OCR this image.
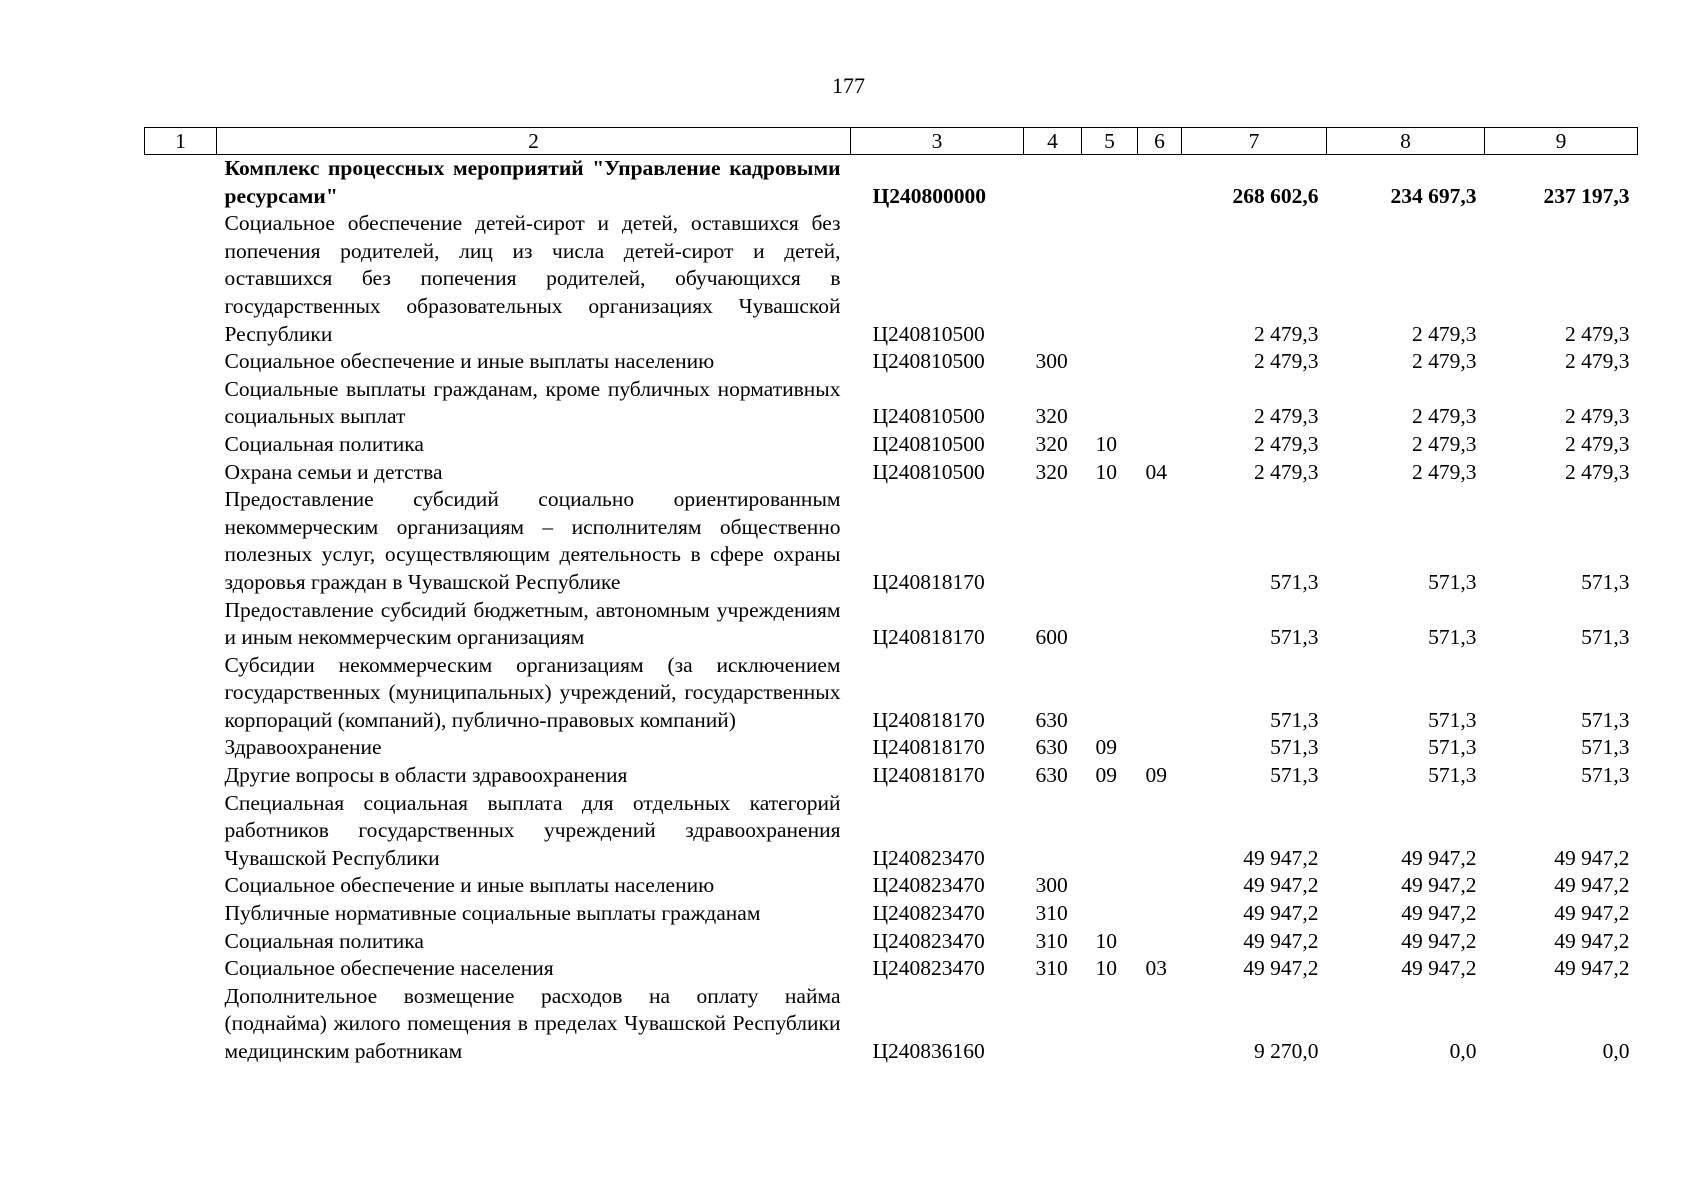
177
1	2	3	4	5	6	7	8	9
	Комплекс процессных мероприятий "Управление кадровыми ресурсами"	Ц240800000				268 602,6	234 697,3	237 197,3
	Социальное обеспечение детей-сирот и детей, оставшихся без попечения родителей, лиц из числа детей-сирот и детей, оставшихся без попечения родителей, обучающихся в государственных образовательных организациях Чувашской Республики	Ц240810500				2 479,3	2 479,3	2 479,3
	Социальное обеспечение и иные выплаты населению	Ц240810500	300			2 479,3	2 479,3	2 479,3
	Социальные выплаты гражданам, кроме публичных нормативных социальных выплат	Ц240810500	320			2 479,3	2 479,3	2 479,3
	Социальная политика	Ц240810500	320	10		2 479,3	2 479,3	2 479,3
	Охрана семьи и детства	Ц240810500	320	10	04	2 479,3	2 479,3	2 479,3
	Предоставление субсидий социально ориентированным некоммерческим организациям – исполнителям общественно полезных услуг, осуществляющим деятельность в сфере охраны здоровья граждан в Чувашской Республике	Ц240818170				571,3	571,3	571,3
	Предоставление субсидий бюджетным, автономным учреждениям и иным некоммерческим организациям	Ц240818170	600			571,3	571,3	571,3
	Субсидии некоммерческим организациям (за исключением государственных (муниципальных) учреждений, государственных корпораций (компаний), публично-правовых компаний)	Ц240818170	630			571,3	571,3	571,3
	Здравоохранение	Ц240818170	630	09		571,3	571,3	571,3
	Другие вопросы в области здравоохранения	Ц240818170	630	09	09	571,3	571,3	571,3
	Специальная социальная выплата для отдельных категорий работников государственных учреждений здравоохранения Чувашской Республики	Ц240823470				49 947,2	49 947,2	49 947,2
	Социальное обеспечение и иные выплаты населению	Ц240823470	300			49 947,2	49 947,2	49 947,2
	Публичные нормативные социальные выплаты гражданам	Ц240823470	310			49 947,2	49 947,2	49 947,2
	Социальная политика	Ц240823470	310	10		49 947,2	49 947,2	49 947,2
	Социальное обеспечение населения	Ц240823470	310	10	03	49 947,2	49 947,2	49 947,2
	Дополнительное возмещение расходов на оплату найма (поднайма) жилого помещения в пределах Чувашской Республики медицинским работникам	Ц240836160				9 270,0	0,0	0,0
